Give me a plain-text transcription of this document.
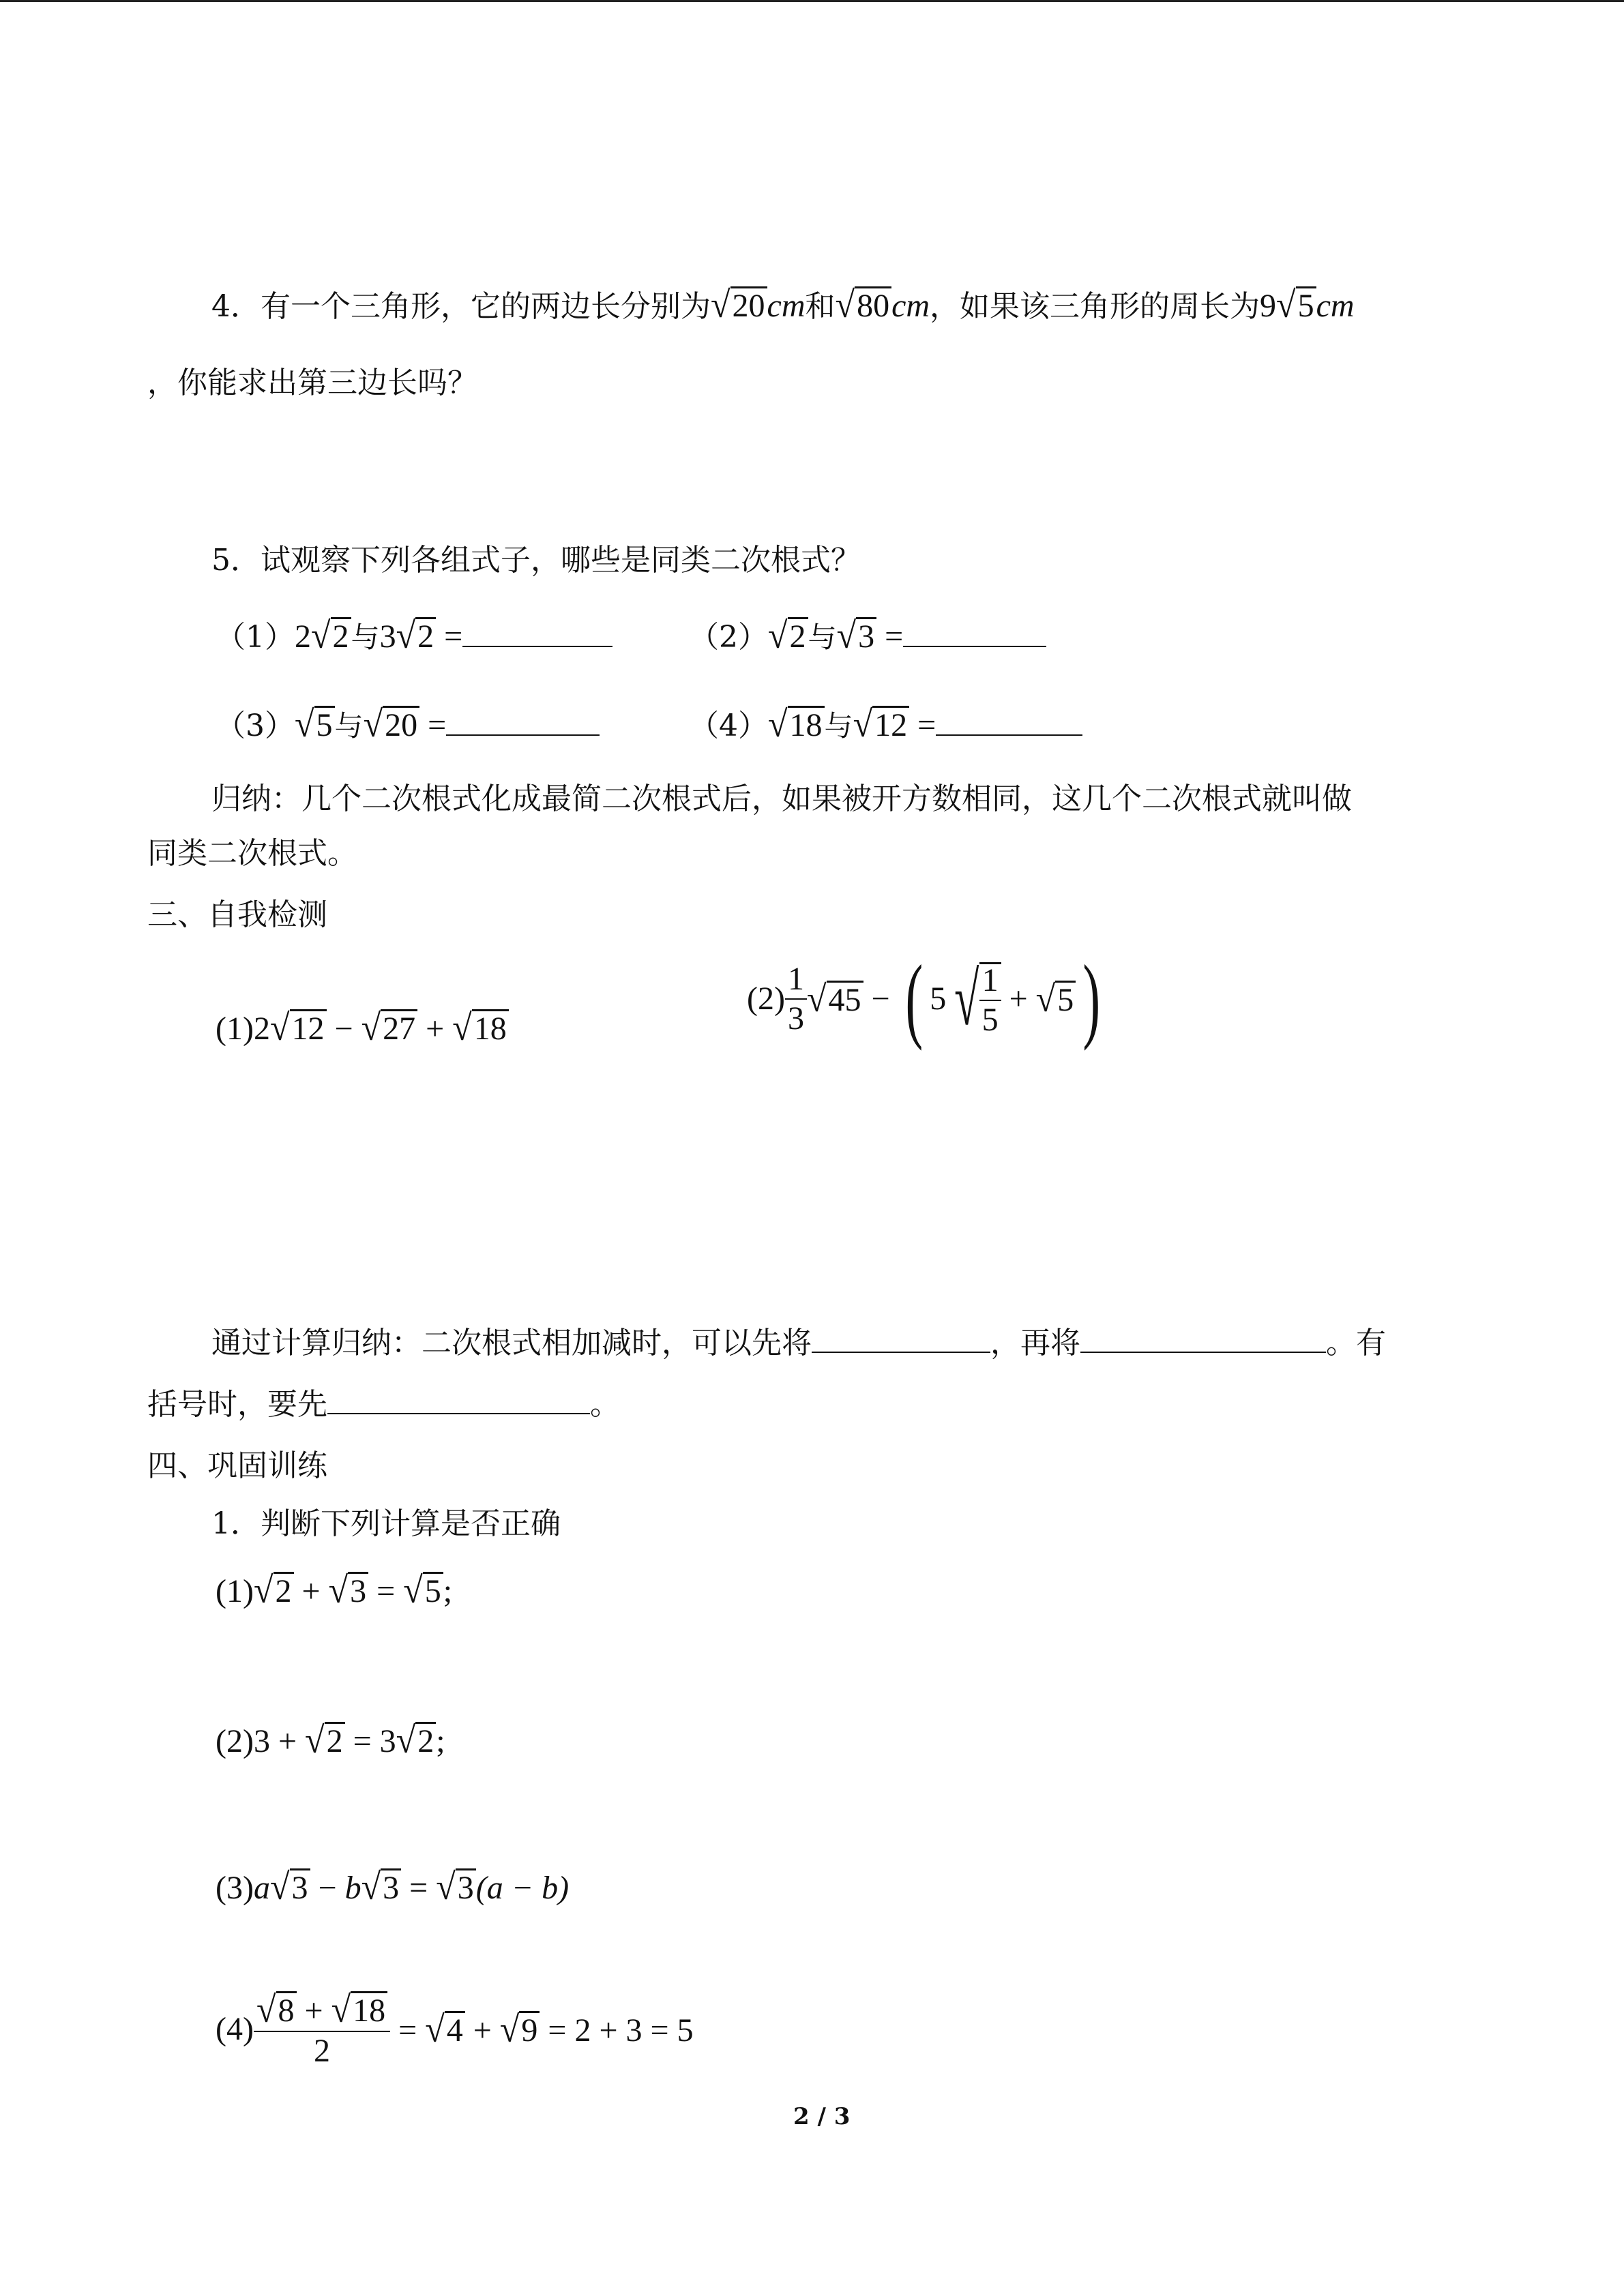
4．有一个三角形，它的两边长分别为√20cm和√80cm，如果该三角形的周长为9√5cm
，你能求出第三边长吗？
5．试观察下列各组式子，哪些是同类二次根式？
（1）2√2与3√2 =	（2）√2与√3 =
（3）√5与√20 =	（4）√18与√12 =
归纳：几个二次根式化成最简二次根式后，如果被开方数相同，这几个二次根式就叫做
同类二次根式。
三、自我检测
(1)2√12 − √27 + √18
$(2) \frac{1}{3} √45$ − ( 5 √ $\frac{1}{5} + √5$)
通过计算归纳：二次根式相加减时，可以先将	，再将	。有
括号时，要先	。
四、巩固训练
1．判断下列计算是否正确
(1)√2 + √3 = √5;
(2)3 + √2 = 3√2;
(3)a√3 − b√3 = √3(a − b)
$(4) \frac{√8 + √18}{2} = √4 + √9 = 2 + 3 = 5$
2 / 3
